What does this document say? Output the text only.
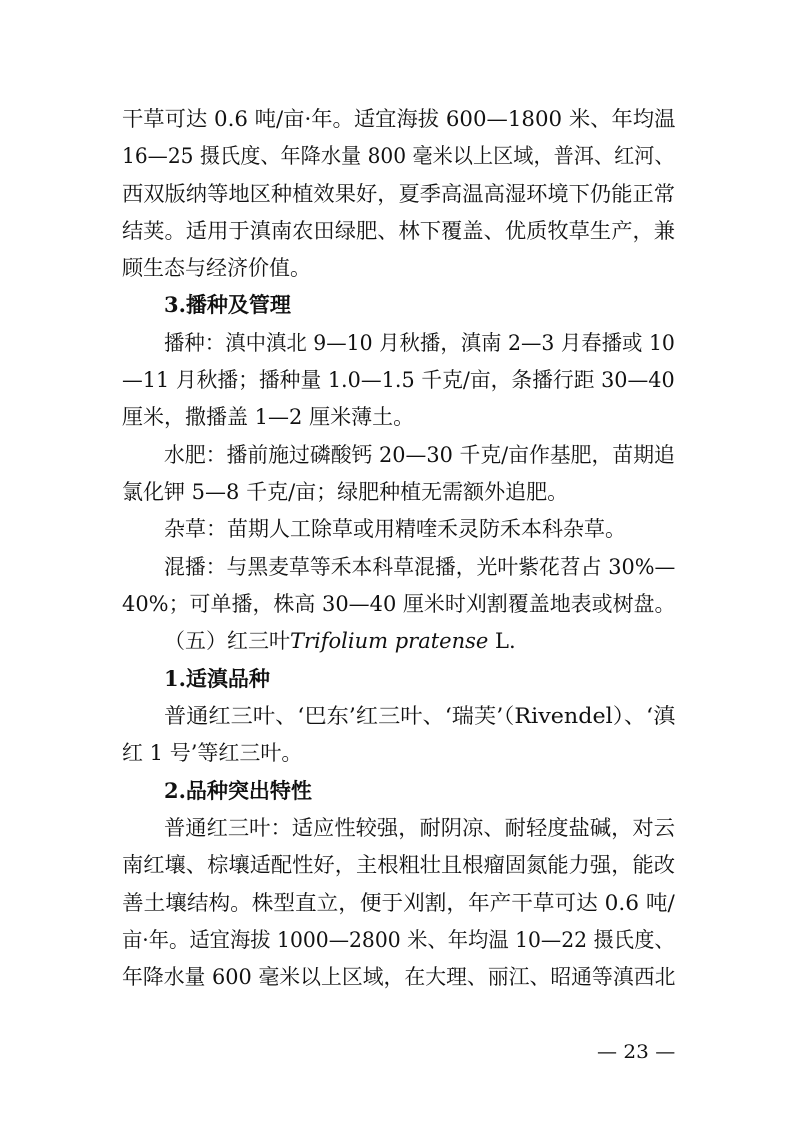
干草可达 0.6 吨/亩·年。适宜海拔 600—1800 米、年均温

16—25 摄氏度、年降水量 800 毫米以上区域，普洱、红河、

西双版纳等地区种植效果好，夏季高温高湿环境下仍能正常

结荚。适用于滇南农田绿肥、林下覆盖、优质牧草生产，兼

顾生态与经济价值。

3.播种及管理

播种：滇中滇北 9—10 月秋播，滇南 2—3 月春播或 10

—11 月秋播；播种量 1.0—1.5 千克/亩，条播行距 30—40

厘米，撒播盖 1—2 厘米薄土。

水肥：播前施过磷酸钙 20—30 千克/亩作基肥，苗期追

氯化钾 5—8 千克/亩；绿肥种植无需额外追肥。

杂草：苗期人工除草或用精喹禾灵防禾本科杂草。

混播：与黑麦草等禾本科草混播，光叶紫花苕占 30%—

40%；可单播，株高 30—40 厘米时刈割覆盖地表或树盘。

（五）红三叶Trifolium pratense L.

1.适滇品种

普通红三叶、‘巴东’红三叶、‘瑞芙’（Rivendel）、‘滇

红 1 号’等红三叶。

2.品种突出特性

普通红三叶：适应性较强，耐阴凉、耐轻度盐碱，对云

南红壤、棕壤适配性好，主根粗壮且根瘤固氮能力强，能改

善土壤结构。株型直立，便于刈割，年产干草可达 0.6 吨/

亩·年。适宜海拔 1000—2800 米、年均温 10—22 摄氏度、

年降水量 600 毫米以上区域，在大理、丽江、昭通等滇西北

— 23 —
